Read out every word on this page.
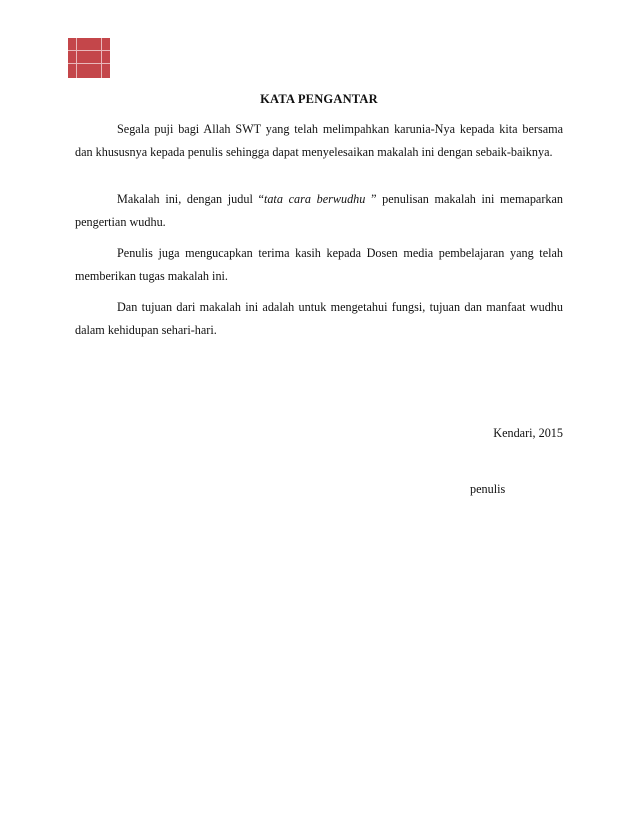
KATA PENGANTAR

Segala puji bagi Allah SWT yang telah melimpahkan karunia-Nya kepada kita bersama dan khususnya kepada penulis sehingga dapat menyelesaikan makalah ini dengan sebaik-baiknya.

Makalah ini, dengan judul “tata cara berwudhu ” penulisan makalah ini memaparkan pengertian wudhu.

Penulis juga mengucapkan terima kasih kepada Dosen media pembelajaran yang telah memberikan tugas makalah ini.

Dan tujuan dari makalah ini adalah untuk mengetahui fungsi, tujuan dan manfaat wudhu dalam kehidupan sehari-hari.

Kendari, 2015
penulis
